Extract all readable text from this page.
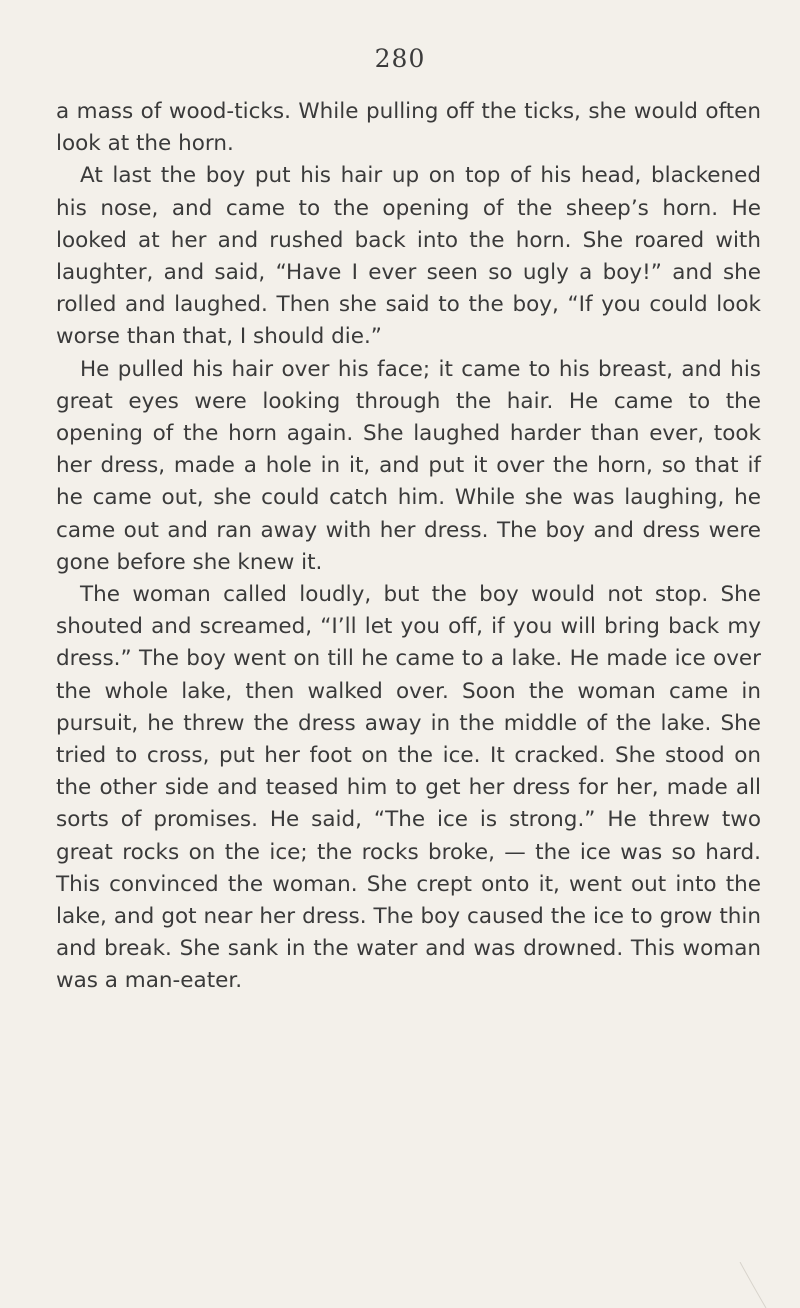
280

a mass of wood-ticks. While pulling off the ticks, she would often look at the horn.

At last the boy put his hair up on top of his head, blackened his nose, and came to the opening of the sheep’s horn. He looked at her and rushed back into the horn. She roared with laughter, and said, “Have I ever seen so ugly a boy!” and she rolled and laughed. Then she said to the boy, “If you could look worse than that, I should die.”

He pulled his hair over his face; it came to his breast, and his great eyes were looking through the hair. He came to the opening of the horn again. She laughed harder than ever, took her dress, made a hole in it, and put it over the horn, so that if he came out, she could catch him. While she was laughing, he came out and ran away with her dress. The boy and dress were gone before she knew it.

The woman called loudly, but the boy would not stop. She shouted and screamed, “I’ll let you off, if you will bring back my dress.” The boy went on till he came to a lake. He made ice over the whole lake, then walked over. Soon the woman came in pursuit, he threw the dress away in the middle of the lake. She tried to cross, put her foot on the ice. It cracked. She stood on the other side and teased him to get her dress for her, made all sorts of promises. He said, “The ice is strong.” He threw two great rocks on the ice; the rocks broke, — the ice was so hard. This convinced the woman. She crept onto it, went out into the lake, and got near her dress. The boy caused the ice to grow thin and break. She sank in the water and was drowned. This woman was a man-eater.
